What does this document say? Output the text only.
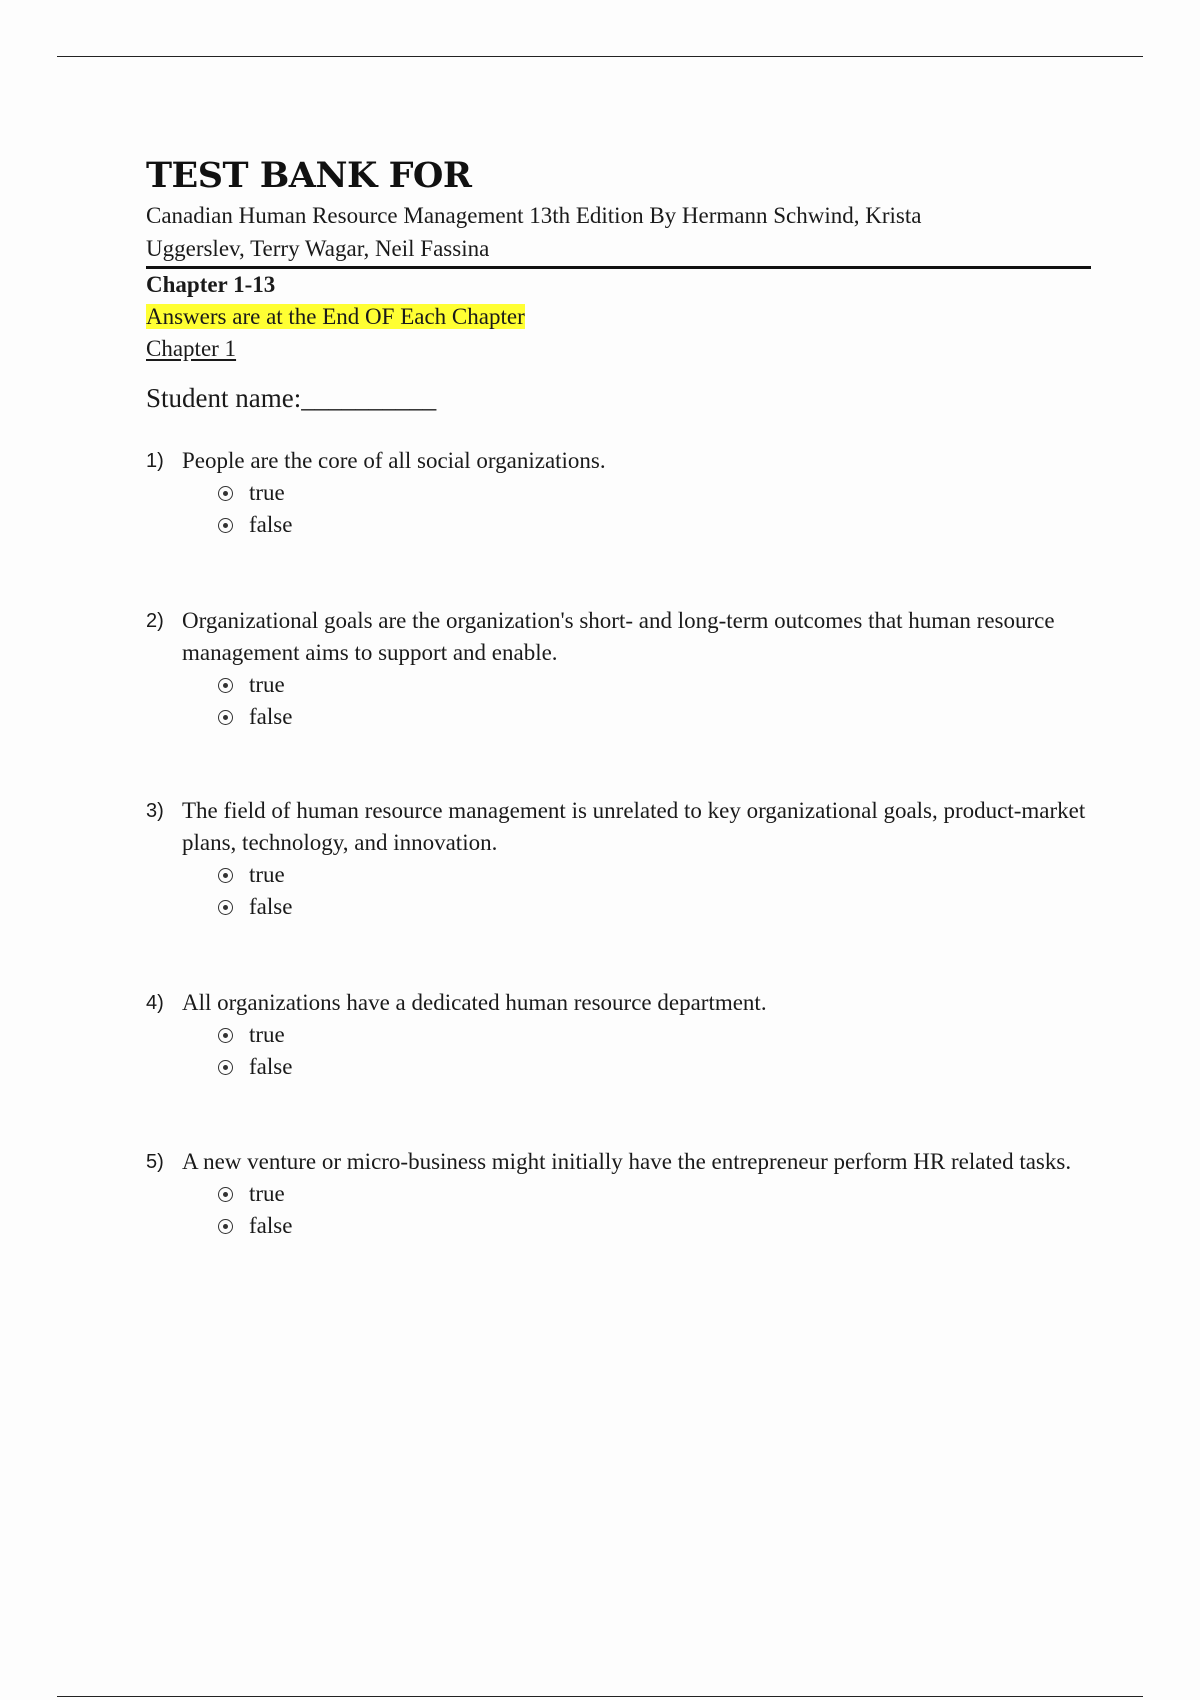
TEST BANK FOR
Canadian Human Resource Management 13th Edition By Hermann Schwind, Krista Uggerslev, Terry Wagar, Neil Fassina
Chapter 1-13
Answers are at the End OF Each Chapter
Chapter 1
Student name:__________
1) People are the core of all social organizations.
true
false
2) Organizational goals are the organization's short- and long-term outcomes that human resource management aims to support and enable.
true
false
3) The field of human resource management is unrelated to key organizational goals, product-market plans, technology, and innovation.
true
false
4) All organizations have a dedicated human resource department.
true
false
5) A new venture or micro-business might initially have the entrepreneur perform HR related tasks.
true
false
